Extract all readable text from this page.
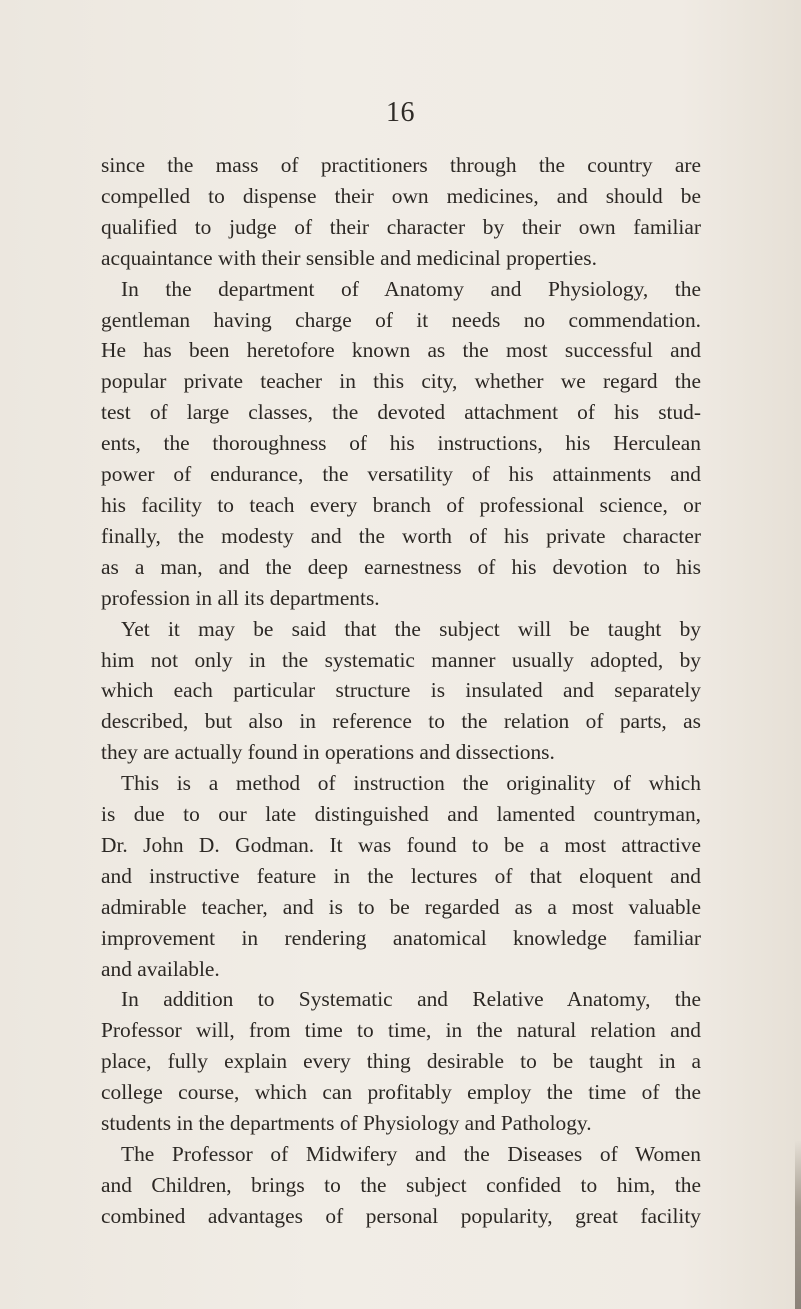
16
since the mass of practitioners through the country are
compelled to dispense their own medicines, and should be
qualified to judge of their character by their own familiar
acquaintance with their sensible and medicinal properties.
In the department of Anatomy and Physiology, the
gentleman having charge of it needs no commendation.
He has been heretofore known as the most successful and
popular private teacher in this city, whether we regard the
test of large classes, the devoted attachment of his stud-
ents, the thoroughness of his instructions, his Herculean
power of endurance, the versatility of his attainments and
his facility to teach every branch of professional science, or
finally, the modesty and the worth of his private character
as a man, and the deep earnestness of his devotion to his
profession in all its departments.
Yet it may be said that the subject will be taught by
him not only in the systematic manner usually adopted, by
which each particular structure is insulated and separately
described, but also in reference to the relation of parts, as
they are actually found in operations and dissections.
This is a method of instruction the originality of which
is due to our late distinguished and lamented countryman,
Dr. John D. Godman. It was found to be a most attractive
and instructive feature in the lectures of that eloquent and
admirable teacher, and is to be regarded as a most valuable
improvement in rendering anatomical knowledge familiar
and available.
In addition to Systematic and Relative Anatomy, the
Professor will, from time to time, in the natural relation and
place, fully explain every thing desirable to be taught in a
college course, which can profitably employ the time of the
students in the departments of Physiology and Pathology.
The Professor of Midwifery and the Diseases of Women
and Children, brings to the subject confided to him, the
combined advantages of personal popularity, great facility
